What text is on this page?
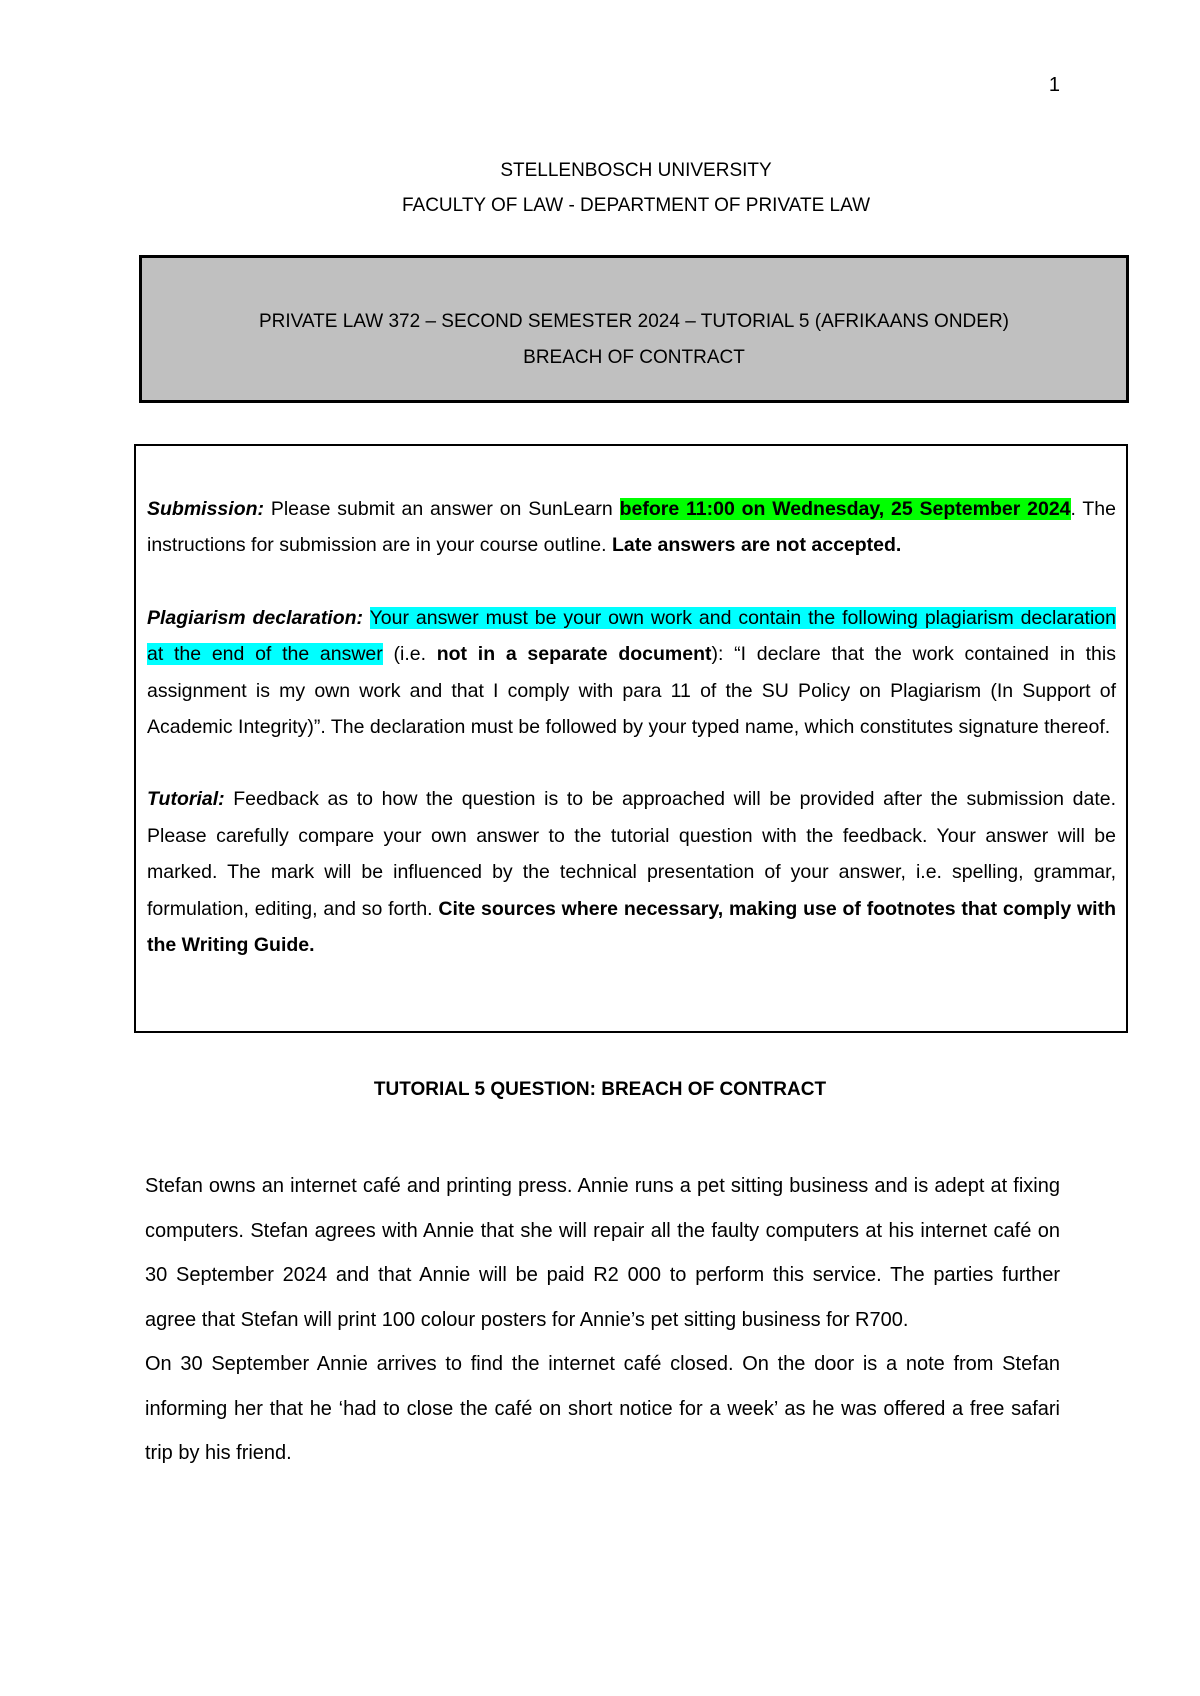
1
STELLENBOSCH UNIVERSITY
FACULTY OF LAW - DEPARTMENT OF PRIVATE LAW
PRIVATE LAW 372 – SECOND SEMESTER 2024 – TUTORIAL 5 (AFRIKAANS ONDER)
BREACH OF CONTRACT

Submission: Please submit an answer on SunLearn before 11:00 on Wednesday, 25 September 2024. The instructions for submission are in your course outline. Late answers are not accepted.

Plagiarism declaration: Your answer must be your own work and contain the following plagiarism declaration at the end of the answer (i.e. not in a separate document): “I declare that the work contained in this assignment is my own work and that I comply with para 11 of the SU Policy on Plagiarism (In Support of Academic Integrity)”. The declaration must be followed by your typed name, which constitutes signature thereof.

Tutorial: Feedback as to how the question is to be approached will be provided after the submission date. Please carefully compare your own answer to the tutorial question with the feedback. Your answer will be marked. The mark will be influenced by the technical presentation of your answer, i.e. spelling, grammar, formulation, editing, and so forth. Cite sources where necessary, making use of footnotes that comply with the Writing Guide.

TUTORIAL 5 QUESTION: BREACH OF CONTRACT

Stefan owns an internet café and printing press. Annie runs a pet sitting business and is adept at fixing computers. Stefan agrees with Annie that she will repair all the faulty computers at his internet café on 30 September 2024 and that Annie will be paid R2 000 to perform this service. The parties further agree that Stefan will print 100 colour posters for Annie’s pet sitting business for R700.

On 30 September Annie arrives to find the internet café closed. On the door is a note from Stefan informing her that he ‘had to close the café on short notice for a week’ as he was offered a free safari trip by his friend.
